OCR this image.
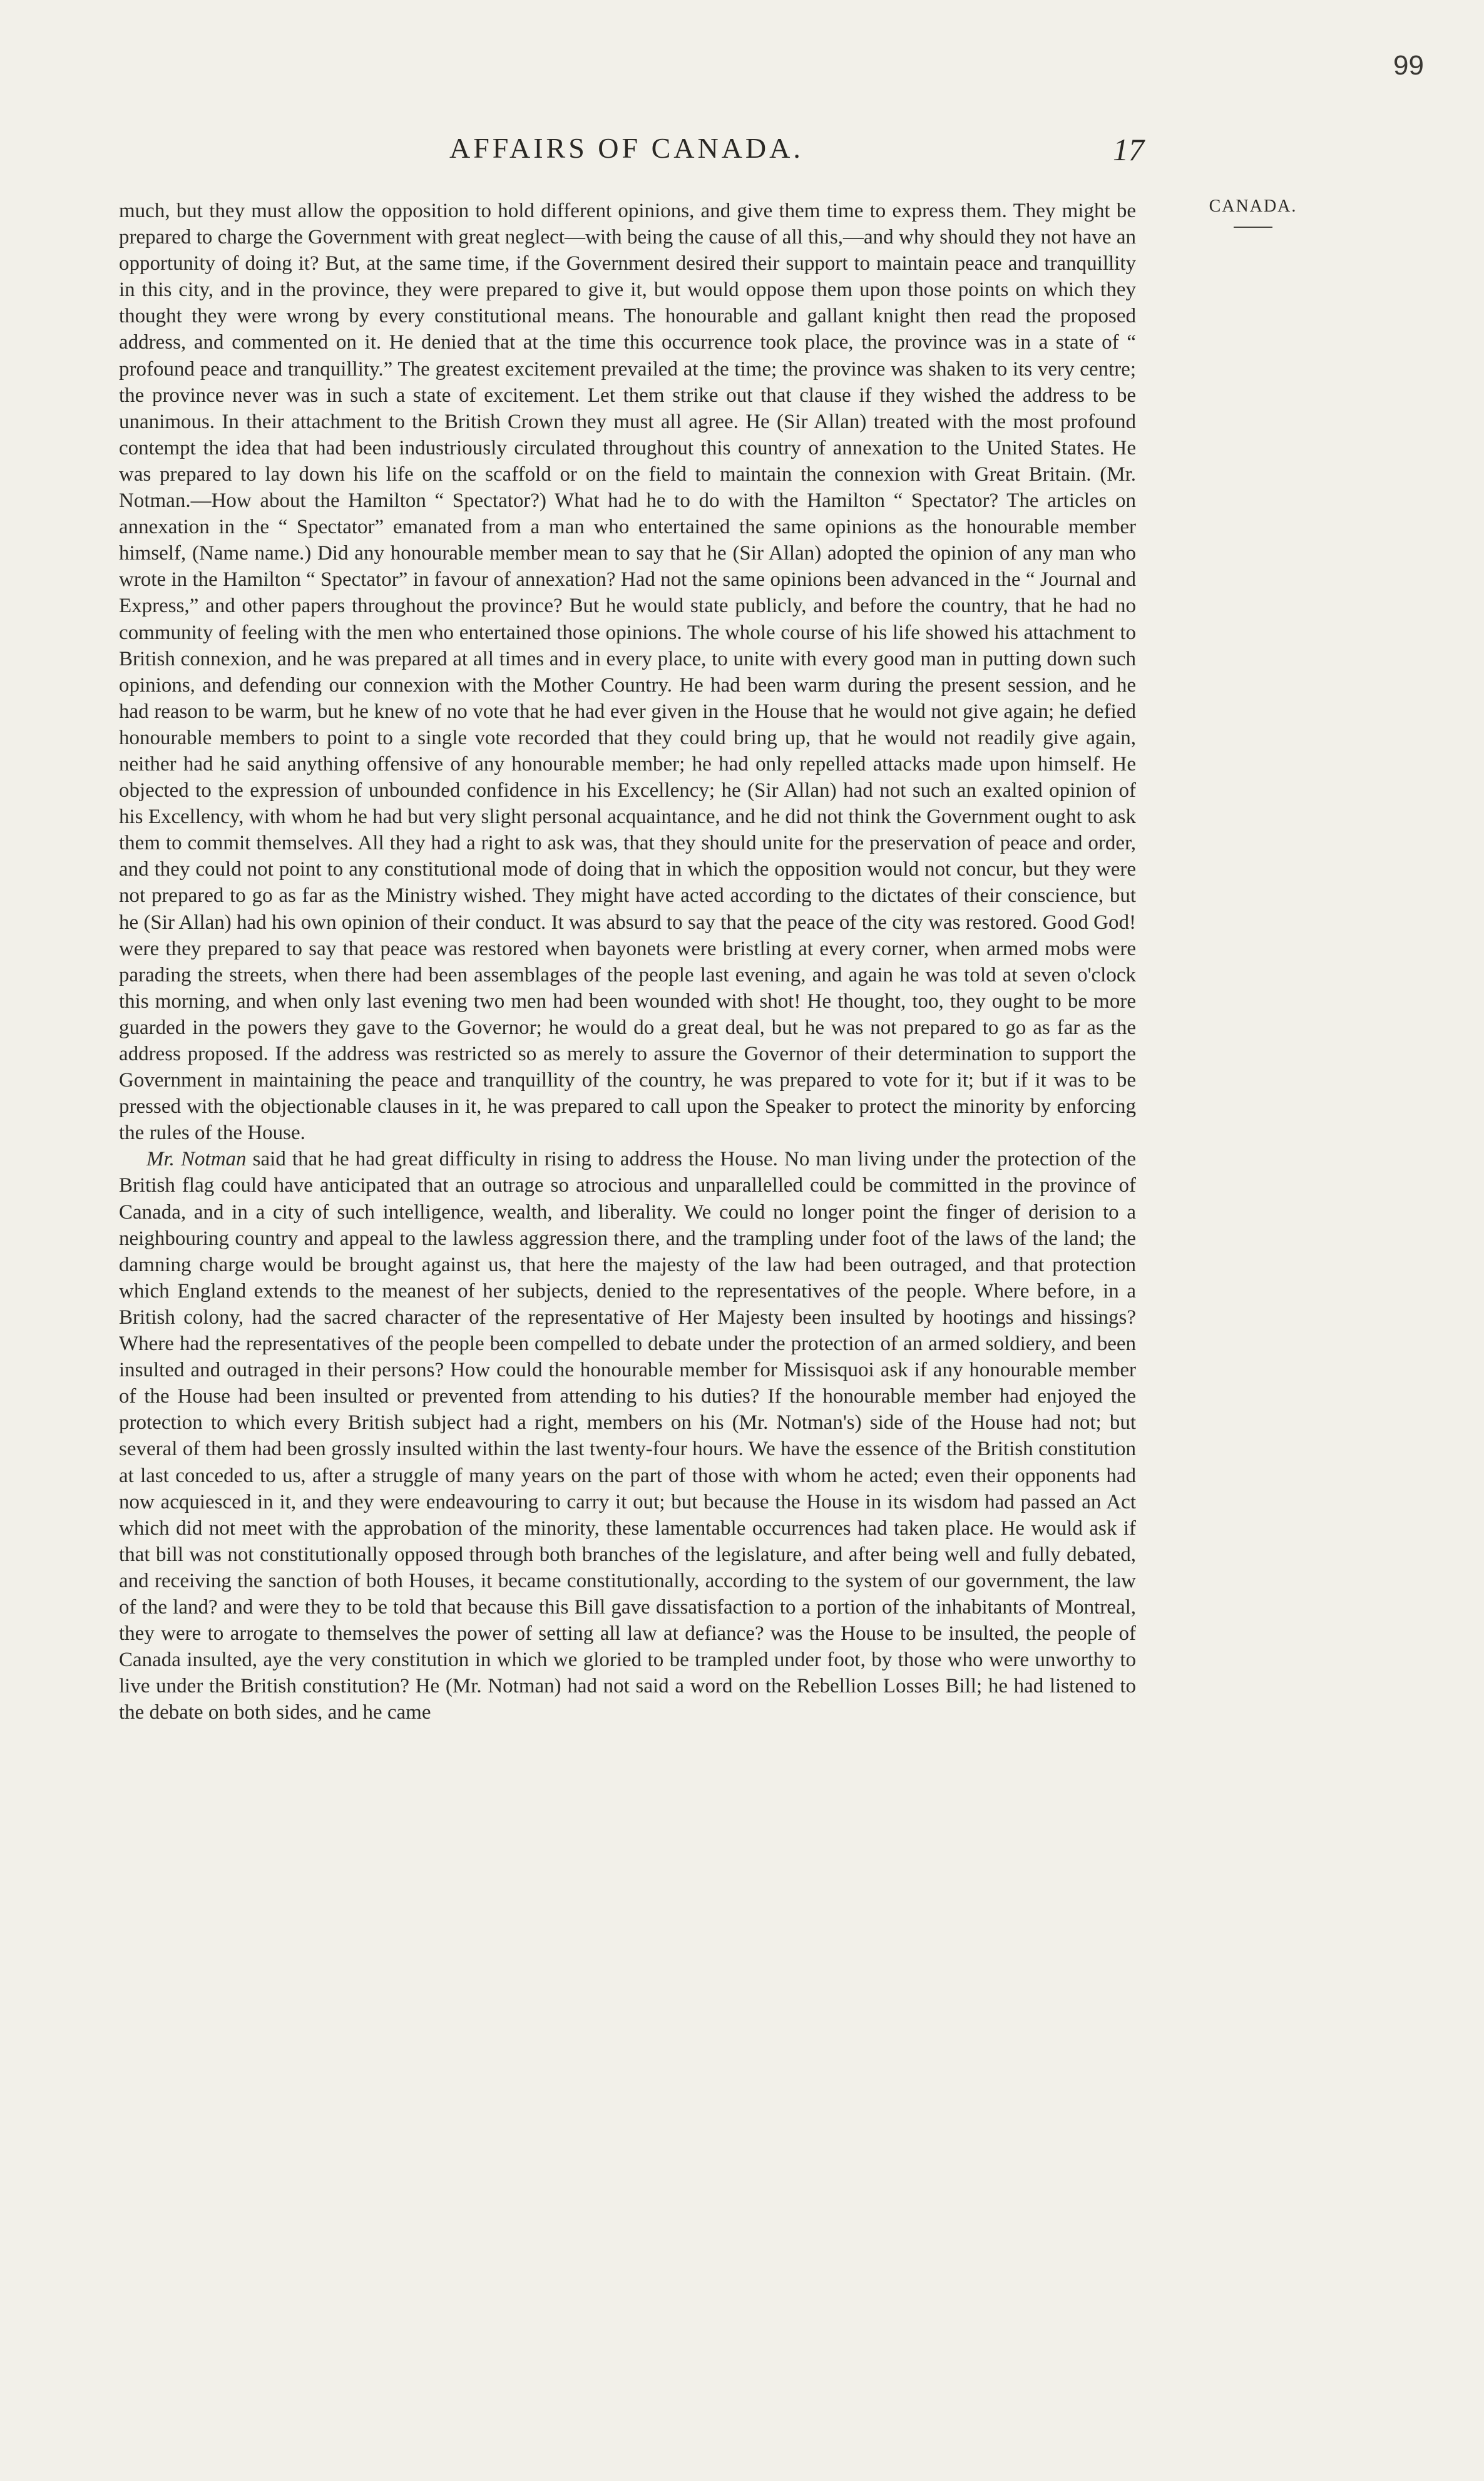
99
AFFAIRS OF CANADA.	17
CANADA.

much, but they must allow the opposition to hold different opinions, and give them time to express them. They might be prepared to charge the Government with great neglect—with being the cause of all this,—and why should they not have an opportunity of doing it? But, at the same time, if the Government desired their support to maintain peace and tranquillity in this city, and in the province, they were prepared to give it, but would oppose them upon those points on which they thought they were wrong by every constitutional means. The honourable and gallant knight then read the proposed address, and commented on it. He denied that at the time this occurrence took place, the province was in a state of “ profound peace and tranquillity.” The greatest excitement prevailed at the time; the province was shaken to its very centre; the province never was in such a state of excitement. Let them strike out that clause if they wished the address to be unanimous. In their attachment to the British Crown they must all agree. He (Sir Allan) treated with the most profound contempt the idea that had been industriously circulated throughout this country of annexation to the United States. He was prepared to lay down his life on the scaffold or on the field to maintain the connexion with Great Britain. (Mr. Notman.—How about the Hamilton “ Spectator?) What had he to do with the Hamilton “ Spectator? The articles on annexation in the “ Spectator” emanated from a man who entertained the same opinions as the honourable member himself, (Name name.) Did any honourable member mean to say that he (Sir Allan) adopted the opinion of any man who wrote in the Hamilton “ Spectator” in favour of annexation? Had not the same opinions been advanced in the “ Journal and Express,” and other papers throughout the province? But he would state publicly, and before the country, that he had no community of feeling with the men who entertained those opinions. The whole course of his life showed his attachment to British connexion, and he was prepared at all times and in every place, to unite with every good man in putting down such opinions, and defending our connexion with the Mother Country. He had been warm during the present session, and he had reason to be warm, but he knew of no vote that he had ever given in the House that he would not give again; he defied honourable members to point to a single vote recorded that they could bring up, that he would not readily give again, neither had he said anything offensive of any honourable member; he had only repelled attacks made upon himself. He objected to the expression of unbounded confidence in his Excellency; he (Sir Allan) had not such an exalted opinion of his Excellency, with whom he had but very slight personal acquaintance, and he did not think the Government ought to ask them to commit themselves. All they had a right to ask was, that they should unite for the preservation of peace and order, and they could not point to any constitutional mode of doing that in which the opposition would not concur, but they were not prepared to go as far as the Ministry wished. They might have acted according to the dictates of their conscience, but he (Sir Allan) had his own opinion of their conduct. It was absurd to say that the peace of the city was restored. Good God! were they prepared to say that peace was restored when bayonets were bristling at every corner, when armed mobs were parading the streets, when there had been assemblages of the people last evening, and again he was told at seven o'clock this morning, and when only last evening two men had been wounded with shot! He thought, too, they ought to be more guarded in the powers they gave to the Governor; he would do a great deal, but he was not prepared to go as far as the address proposed. If the address was restricted so as merely to assure the Governor of their determination to support the Government in maintaining the peace and tranquillity of the country, he was prepared to vote for it; but if it was to be pressed with the objectionable clauses in it, he was prepared to call upon the Speaker to protect the minority by enforcing the rules of the House.

Mr. Notman said that he had great difficulty in rising to address the House. No man living under the protection of the British flag could have anticipated that an outrage so atrocious and unparallelled could be committed in the province of Canada, and in a city of such intelligence, wealth, and liberality. We could no longer point the finger of derision to a neighbouring country and appeal to the lawless aggression there, and the trampling under foot of the laws of the land; the damning charge would be brought against us, that here the majesty of the law had been outraged, and that protection which England extends to the meanest of her subjects, denied to the representatives of the people. Where before, in a British colony, had the sacred character of the representative of Her Majesty been insulted by hootings and hissings? Where had the representatives of the people been compelled to debate under the protection of an armed soldiery, and been insulted and outraged in their persons? How could the honourable member for Missisquoi ask if any honourable member of the House had been insulted or prevented from attending to his duties? If the honourable member had enjoyed the protection to which every British subject had a right, members on his (Mr. Notman's) side of the House had not; but several of them had been grossly insulted within the last twenty-four hours. We have the essence of the British constitution at last conceded to us, after a struggle of many years on the part of those with whom he acted; even their opponents had now acquiesced in it, and they were endeavouring to carry it out; but because the House in its wisdom had passed an Act which did not meet with the approbation of the minority, these lamentable occurrences had taken place. He would ask if that bill was not constitutionally opposed through both branches of the legislature, and after being well and fully debated, and receiving the sanction of both Houses, it became constitutionally, according to the system of our government, the law of the land? and were they to be told that because this Bill gave dissatisfaction to a portion of the inhabitants of Montreal, they were to arrogate to themselves the power of setting all law at defiance? was the House to be insulted, the people of Canada insulted, aye the very constitution in which we gloried to be trampled under foot, by those who were unworthy to live under the British constitution? He (Mr. Notman) had not said a word on the Rebellion Losses Bill; he had listened to the debate on both sides, and he came
